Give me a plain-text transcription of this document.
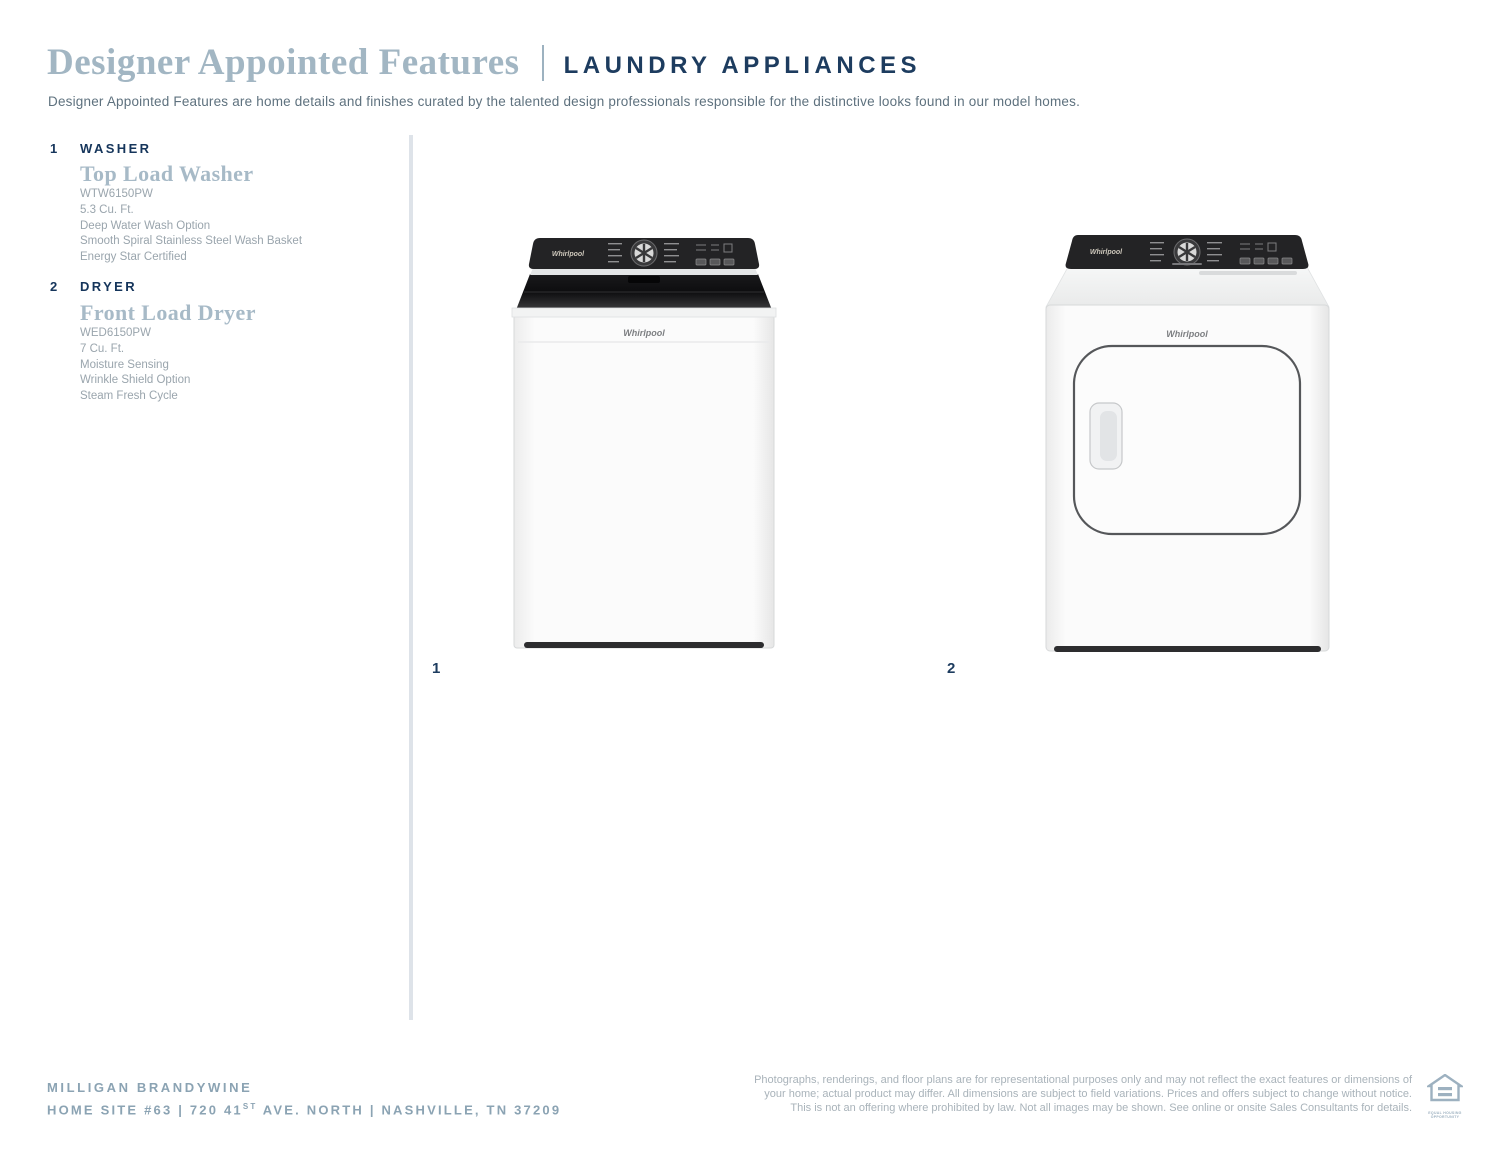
Designer Appointed Features LAUNDRY APPLIANCES
Designer Appointed Features are home details and finishes curated by the talented design professionals responsible for the distinctive looks found in our model homes.
1	WASHER
Top Load Washer
WTW6150PW
5.3 Cu. Ft.
Deep Water Wash Option
Smooth Spiral Stainless Steel Wash Basket
Energy Star Certified
2	DRYER
Front Load Dryer
WED6150PW
7 Cu. Ft.
Moisture Sensing
Wrinkle Shield Option
Steam Fresh Cycle
Whirlpool
Whirlpool
1
Whirlpool
Whirlpool
2
MILLIGAN BRANDYWINE
HOME SITE #63 | 720 41ST AVE. NORTH | NASHVILLE, TN 37209
Photographs, renderings, and floor plans are for representational purposes only and may not reflect the exact features or dimensions of your home; actual product may differ. All dimensions are subject to field variations. Prices and offers subject to change without notice. This is not an offering where prohibited by law. Not all images may be shown. See online or onsite Sales Consultants for details.	EQUAL HOUSING OPPORTUNITY
